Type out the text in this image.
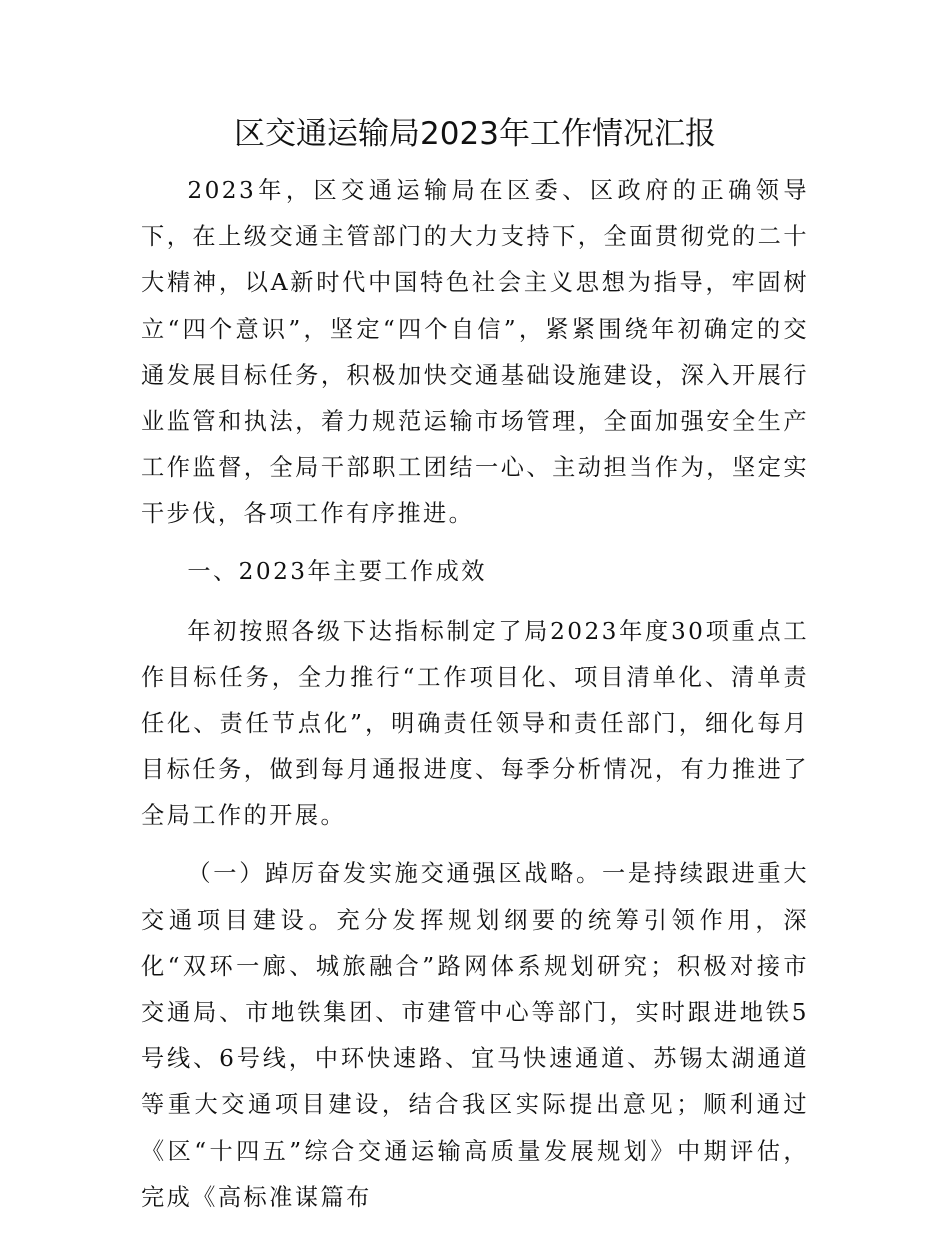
区交通运输局2023年工作情况汇报

2023年，区交通运输局在区委、区政府的正确领导下，在上级交通主管部门的大力支持下，全面贯彻党的二十大精神，以A新时代中国特色社会主义思想为指导，牢固树立“四个意识”，坚定“四个自信”，紧紧围绕年初确定的交通发展目标任务，积极加快交通基础设施建设，深入开展行业监管和执法，着力规范运输市场管理，全面加强安全生产工作监督，全局干部职工团结一心、主动担当作为，坚定实干步伐，各项工作有序推进。

一、2023年主要工作成效

年初按照各级下达指标制定了局2023年度30项重点工作目标任务，全力推行“工作项目化、项目清单化、清单责任化、责任节点化”，明确责任领导和责任部门，细化每月目标任务，做到每月通报进度、每季分析情况，有力推进了全局工作的开展。

（一）踔厉奋发实施交通强区战略。一是持续跟进重大交通项目建设。充分发挥规划纲要的统筹引领作用，深化“双环一廊、城旅融合”路网体系规划研究；积极对接市交通局、市地铁集团、市建管中心等部门，实时跟进地铁5号线、6号线，中环快速路、宜马快速通道、苏锡太湖通道等重大交通项目建设，结合我区实际提出意见；顺利通过《区“十四五”综合交通运输高质量发展规划》中期评估，完成《高标准谋篇布
